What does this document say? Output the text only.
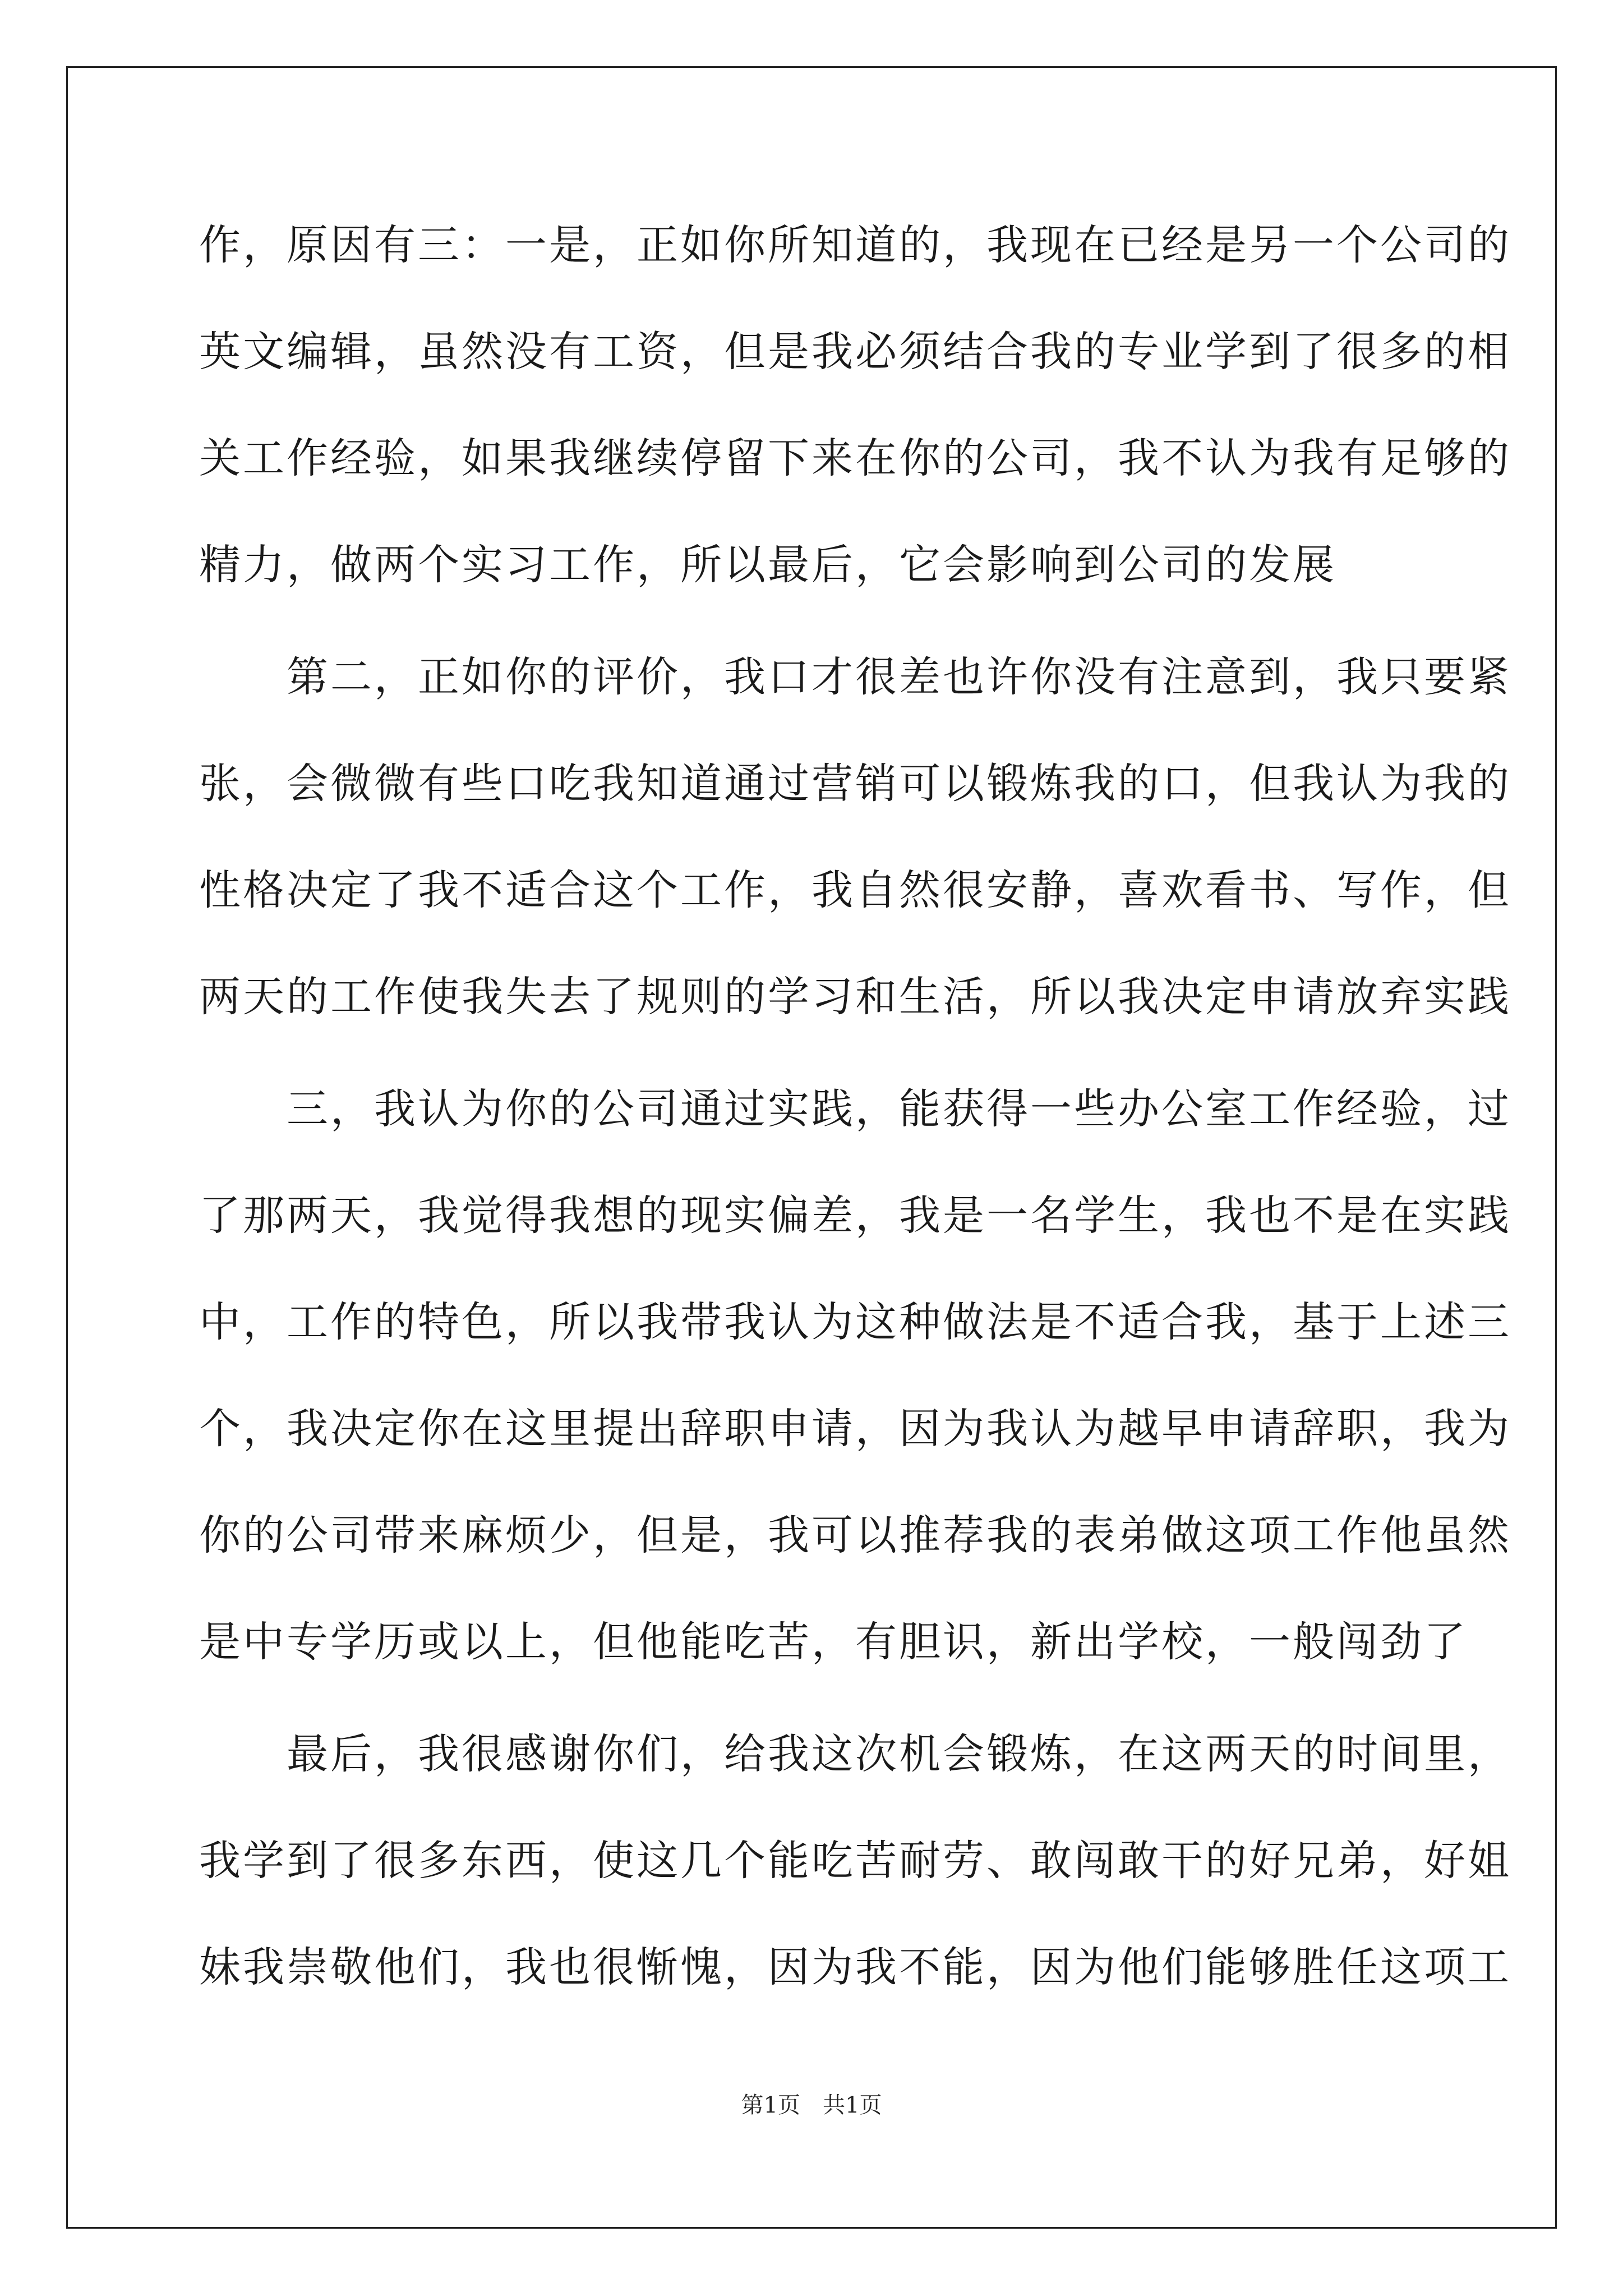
作，原因有三：一是，正如你所知道的，我现在已经是另一个公司的
英文编辑，虽然没有工资，但是我必须结合我的专业学到了很多的相
关工作经验，如果我继续停留下来在你的公司，我不认为我有足够的
精力，做两个实习工作，所以最后，它会影响到公司的发展
　　第二，正如你的评价，我口才很差也许你没有注意到，我只要紧
张，会微微有些口吃我知道通过营销可以锻炼我的口，但我认为我的
性格决定了我不适合这个工作，我自然很安静，喜欢看书、写作，但
两天的工作使我失去了规则的学习和生活，所以我决定申请放弃实践
　　三，我认为你的公司通过实践，能获得一些办公室工作经验，过
了那两天，我觉得我想的现实偏差，我是一名学生，我也不是在实践
中，工作的特色，所以我带我认为这种做法是不适合我，基于上述三
个，我决定你在这里提出辞职申请，因为我认为越早申请辞职，我为
你的公司带来麻烦少，但是，我可以推荐我的表弟做这项工作他虽然
是中专学历或以上，但他能吃苦，有胆识，新出学校，一般闯劲了
　　最后，我很感谢你们，给我这次机会锻炼，在这两天的时间里，
我学到了很多东西，使这几个能吃苦耐劳、敢闯敢干的好兄弟，好姐
妹我崇敬他们，我也很惭愧，因为我不能，因为他们能够胜任这项工
第1页　共1页
